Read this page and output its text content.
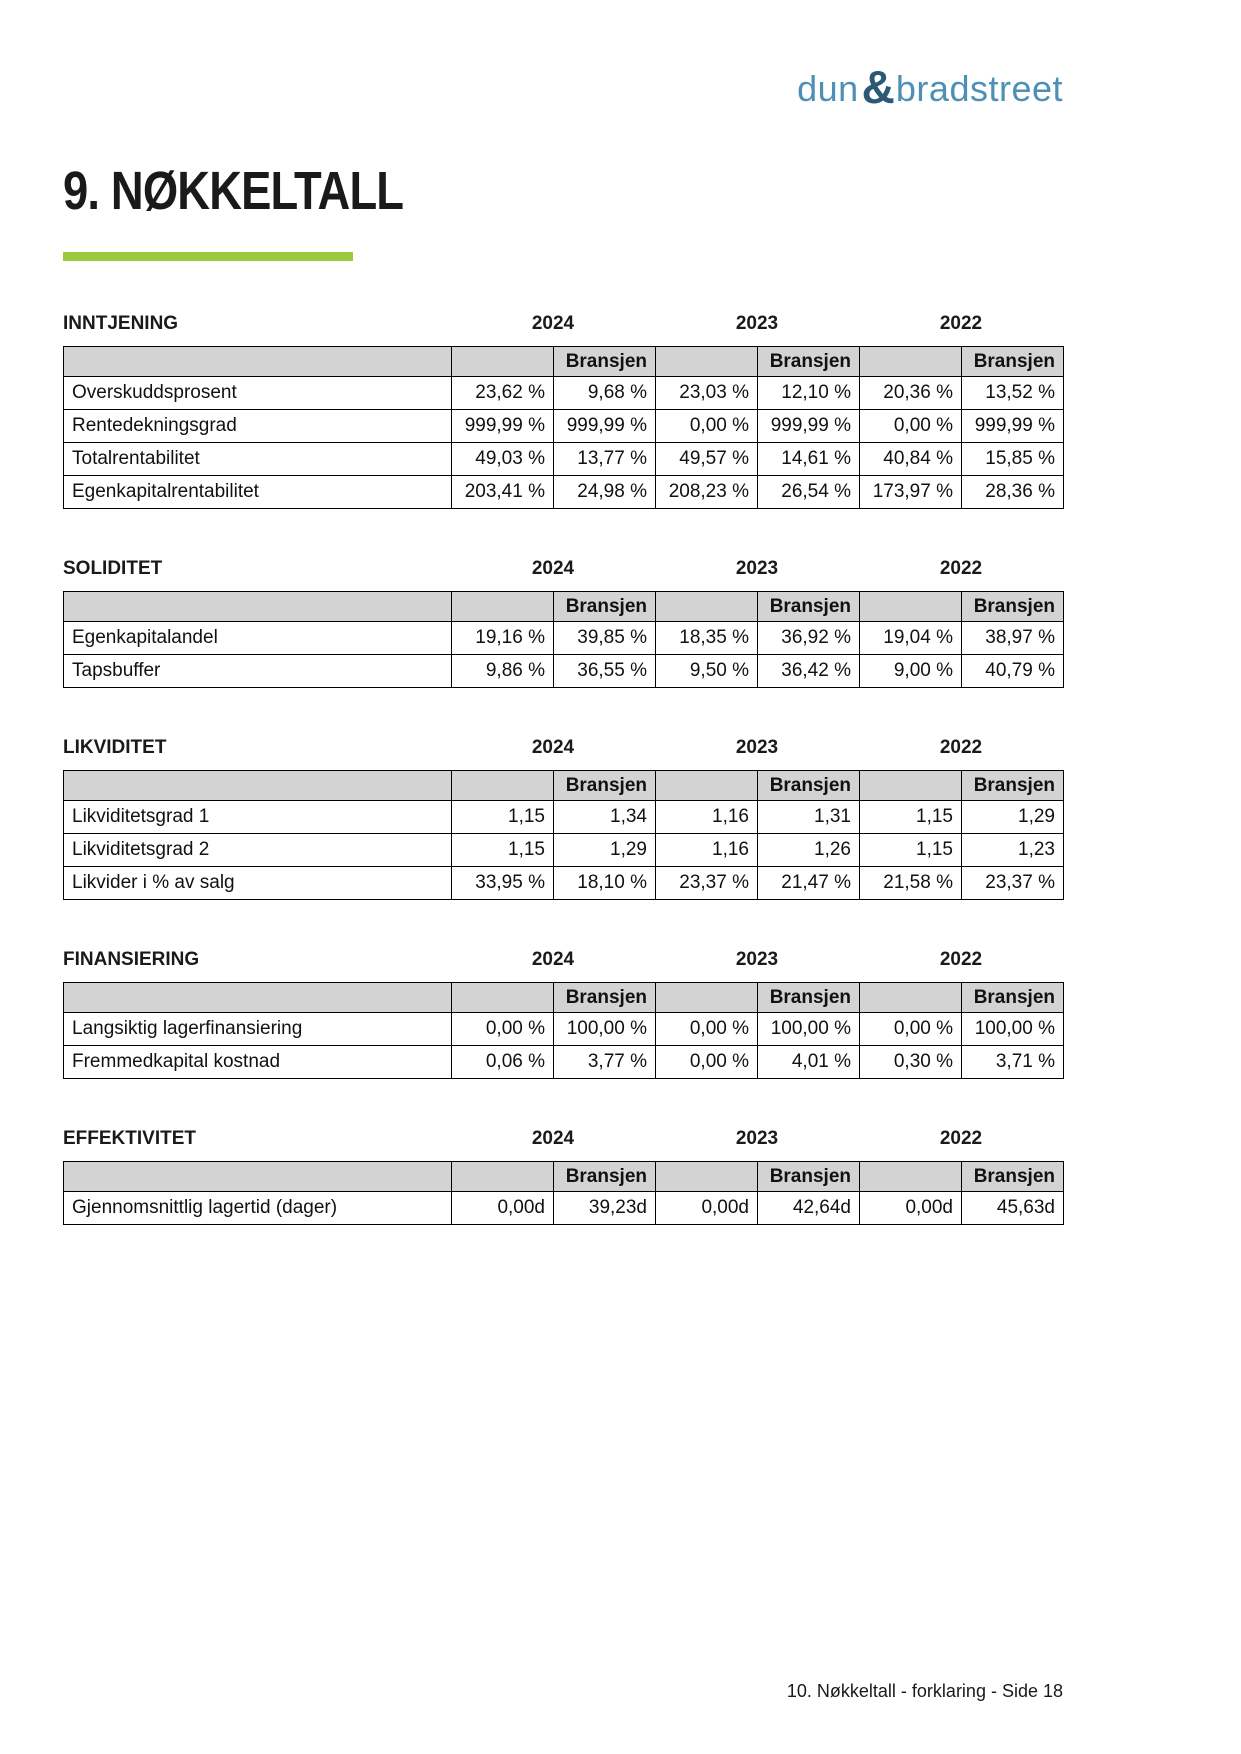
dun & bradstreet
9. NØKKELTALL
INNTJENING	2024	2023	2022
		Bransjen		Bransjen		Bransjen
Overskuddsprosent	23,62 %	9,68 %	23,03 %	12,10 %	20,36 %	13,52 %
Rentedekningsgrad	999,99 %	999,99 %	0,00 %	999,99 %	0,00 %	999,99 %
Totalrentabilitet	49,03 %	13,77 %	49,57 %	14,61 %	40,84 %	15,85 %
Egenkapitalrentabilitet	203,41 %	24,98 %	208,23 %	26,54 %	173,97 %	28,36 %
SOLIDITET	2024	2023	2022
		Bransjen		Bransjen		Bransjen
Egenkapitalandel	19,16 %	39,85 %	18,35 %	36,92 %	19,04 %	38,97 %
Tapsbuffer	9,86 %	36,55 %	9,50 %	36,42 %	9,00 %	40,79 %
LIKVIDITET	2024	2023	2022
		Bransjen		Bransjen		Bransjen
Likviditetsgrad 1	1,15	1,34	1,16	1,31	1,15	1,29
Likviditetsgrad 2	1,15	1,29	1,16	1,26	1,15	1,23
Likvider i % av salg	33,95 %	18,10 %	23,37 %	21,47 %	21,58 %	23,37 %
FINANSIERING	2024	2023	2022
		Bransjen		Bransjen		Bransjen
Langsiktig lagerfinansiering	0,00 %	100,00 %	0,00 %	100,00 %	0,00 %	100,00 %
Fremmedkapital kostnad	0,06 %	3,77 %	0,00 %	4,01 %	0,30 %	3,71 %
EFFEKTIVITET	2024	2023	2022
		Bransjen		Bransjen		Bransjen
Gjennomsnittlig lagertid (dager)	0,00d	39,23d	0,00d	42,64d	0,00d	45,63d
10. Nøkkeltall - forklaring - Side 18
